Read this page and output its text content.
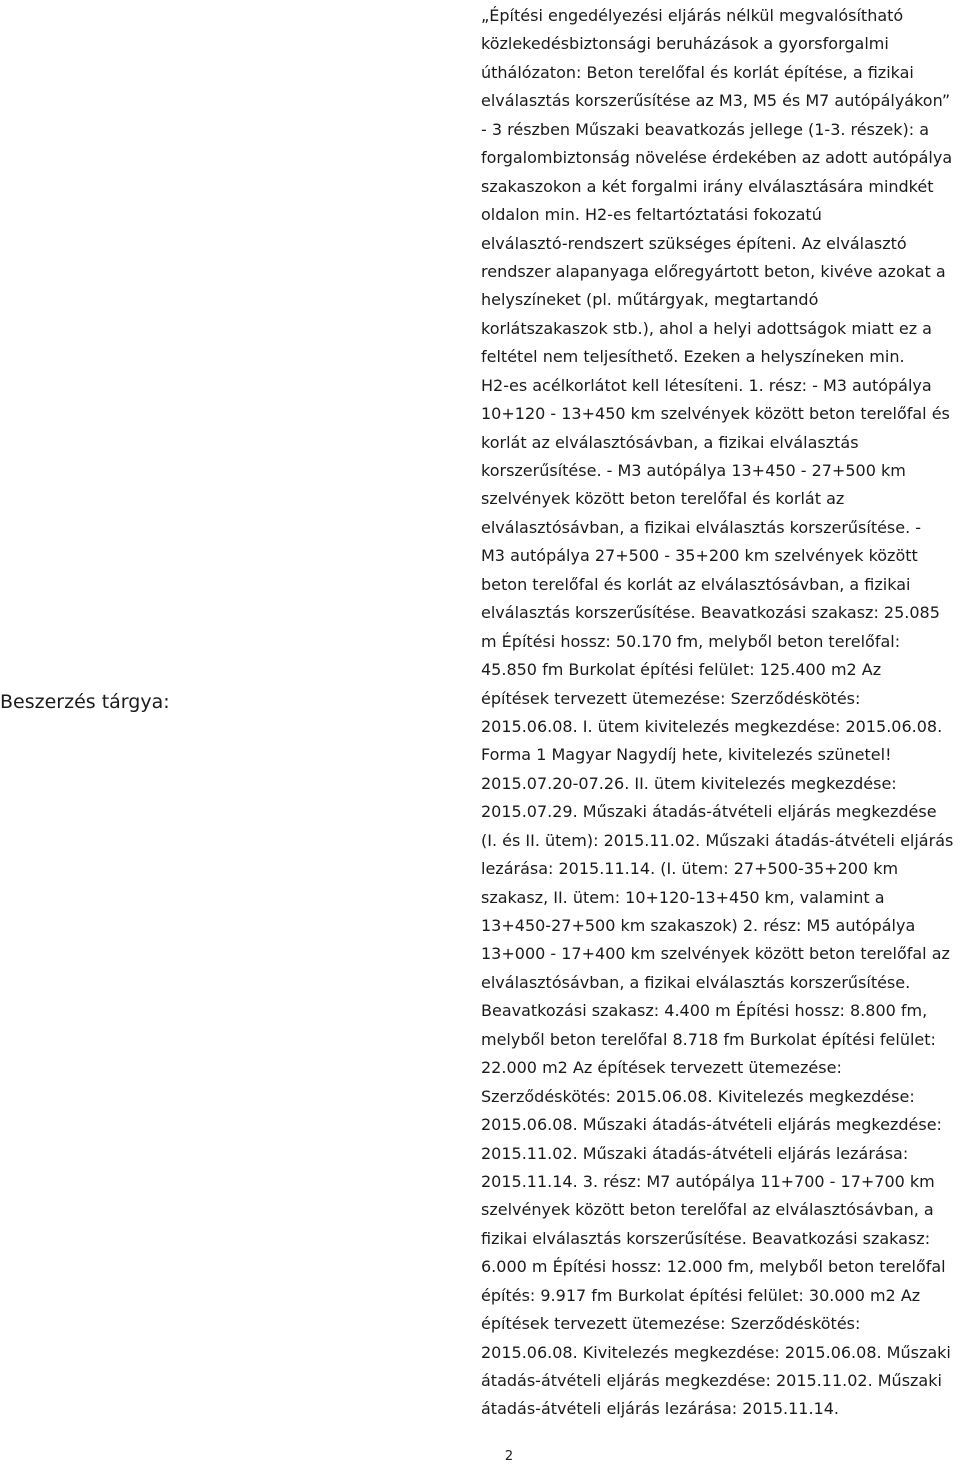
Beszerzés tárgya:
„Építési engedélyezési eljárás nélkül megvalósítható
közlekedésbiztonsági beruházások a gyorsforgalmi
úthálózaton: Beton terelőfal és korlát építése, a fizikai
elválasztás korszerűsítése az M3, M5 és M7 autópályákon”
- 3 részben Műszaki beavatkozás jellege (1-3. részek): a
forgalombiztonság növelése érdekében az adott autópálya
szakaszokon a két forgalmi irány elválasztására mindkét
oldalon min. H2-es feltartóztatási fokozatú
elválasztó-rendszert szükséges építeni. Az elválasztó
rendszer alapanyaga előregyártott beton, kivéve azokat a
helyszíneket (pl. műtárgyak, megtartandó
korlátszakaszok stb.), ahol a helyi adottságok miatt ez a
feltétel nem teljesíthető. Ezeken a helyszíneken min.
H2-es acélkorlátot kell létesíteni. 1. rész: - M3 autópálya
10+120 - 13+450 km szelvények között beton terelőfal és
korlát az elválasztósávban, a fizikai elválasztás
korszerűsítése. - M3 autópálya 13+450 - 27+500 km
szelvények között beton terelőfal és korlát az
elválasztósávban, a fizikai elválasztás korszerűsítése. -
M3 autópálya 27+500 - 35+200 km szelvények között
beton terelőfal és korlát az elválasztósávban, a fizikai
elválasztás korszerűsítése. Beavatkozási szakasz: 25.085
m Építési hossz: 50.170 fm, melyből beton terelőfal:
45.850 fm Burkolat építési felület: 125.400 m2 Az
építések tervezett ütemezése: Szerződéskötés:
2015.06.08. I. ütem kivitelezés megkezdése: 2015.06.08.
Forma 1 Magyar Nagydíj hete, kivitelezés szünetel!
2015.07.20-07.26. II. ütem kivitelezés megkezdése:
2015.07.29. Műszaki átadás-átvételi eljárás megkezdése
(I. és II. ütem): 2015.11.02. Műszaki átadás-átvételi eljárás
lezárása: 2015.11.14. (I. ütem: 27+500-35+200 km
szakasz, II. ütem: 10+120-13+450 km, valamint a
13+450-27+500 km szakaszok) 2. rész: M5 autópálya
13+000 - 17+400 km szelvények között beton terelőfal az
elválasztósávban, a fizikai elválasztás korszerűsítése.
Beavatkozási szakasz: 4.400 m Építési hossz: 8.800 fm,
melyből beton terelőfal 8.718 fm Burkolat építési felület:
22.000 m2 Az építések tervezett ütemezése:
Szerződéskötés: 2015.06.08. Kivitelezés megkezdése:
2015.06.08. Műszaki átadás-átvételi eljárás megkezdése:
2015.11.02. Műszaki átadás-átvételi eljárás lezárása:
2015.11.14. 3. rész: M7 autópálya 11+700 - 17+700 km
szelvények között beton terelőfal az elválasztósávban, a
fizikai elválasztás korszerűsítése. Beavatkozási szakasz:
6.000 m Építési hossz: 12.000 fm, melyből beton terelőfal
építés: 9.917 fm Burkolat építési felület: 30.000 m2 Az
építések tervezett ütemezése: Szerződéskötés:
2015.06.08. Kivitelezés megkezdése: 2015.06.08. Műszaki
átadás-átvételi eljárás megkezdése: 2015.11.02. Műszaki
átadás-átvételi eljárás lezárása: 2015.11.14.
2
